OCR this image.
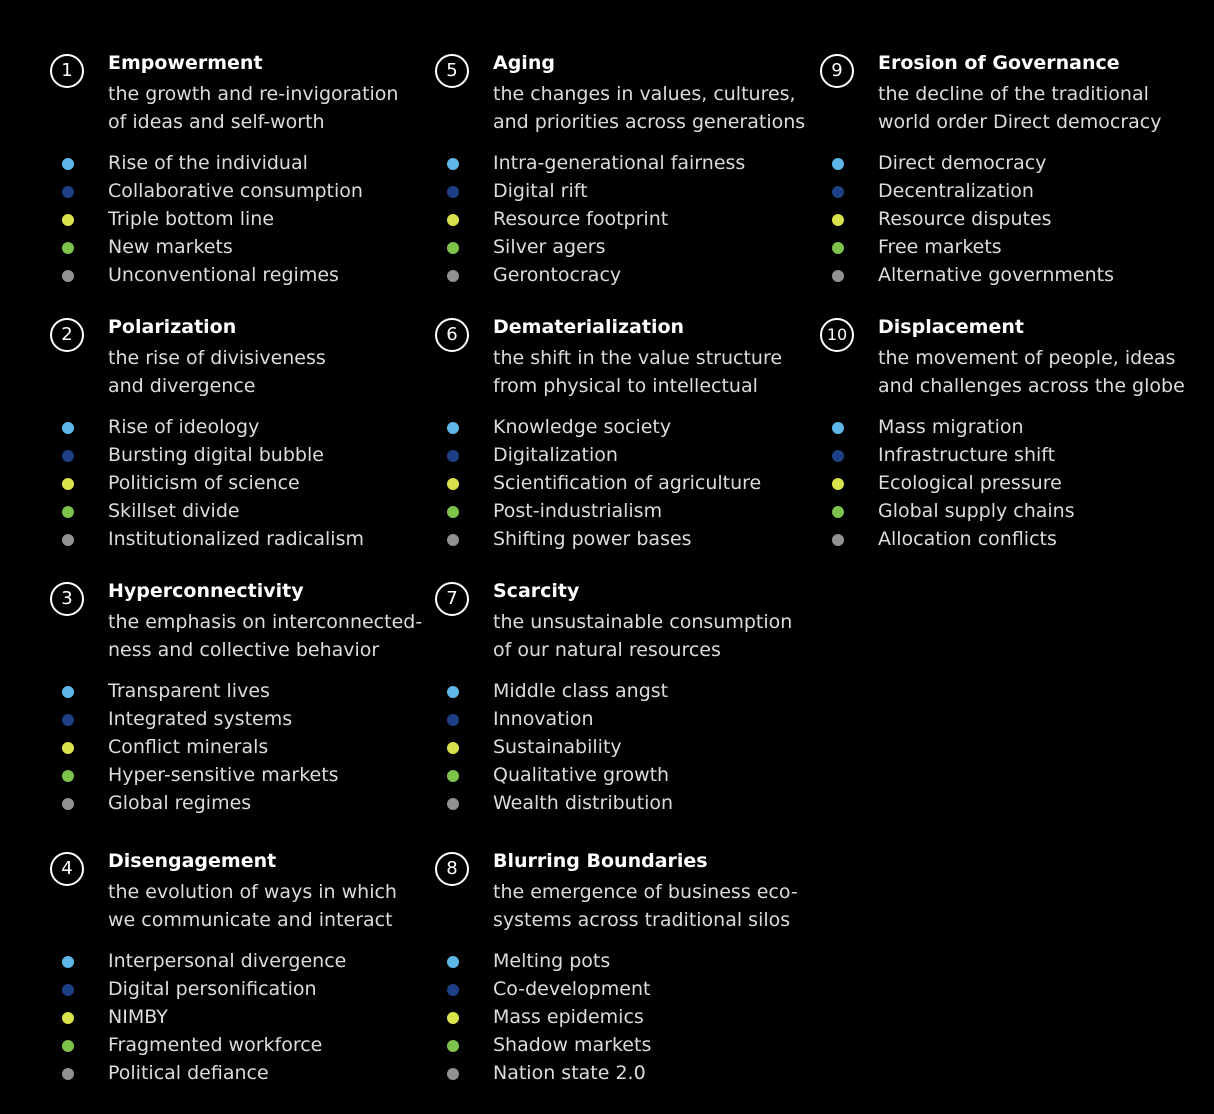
1	Empowerment
the growth and re-invigoration
of ideas and self-worth
Rise of the individual
Collaborative consumption
Triple bottom line
New markets
Unconventional regimes
2	Polarization
the rise of divisiveness
and divergence
Rise of ideology
Bursting digital bubble
Politicism of science
Skillset divide
Institutionalized radicalism
3	Hyperconnectivity
the emphasis on interconnected-
ness and collective behavior
Transparent lives
Integrated systems
Conflict minerals
Hyper-sensitive markets
Global regimes
4	Disengagement
the evolution of ways in which
we communicate and interact
Interpersonal divergence
Digital personification
NIMBY
Fragmented workforce
Political defiance
5	Aging
the changes in values, cultures,
and priorities across generations
Intra-generational fairness
Digital rift
Resource footprint
Silver agers
Gerontocracy
6	Dematerialization
the shift in the value structure
from physical to intellectual
Knowledge society
Digitalization
Scientification of agriculture
Post-industrialism
Shifting power bases
7	Scarcity
the unsustainable consumption
of our natural resources
Middle class angst
Innovation
Sustainability
Qualitative growth
Wealth distribution
8	Blurring Boundaries
the emergence of business eco-
systems across traditional silos
Melting pots
Co-development
Mass epidemics
Shadow markets
Nation state 2.0
9	Erosion of Governance
the decline of the traditional
world order Direct democracy
Direct democracy
Decentralization
Resource disputes
Free markets
Alternative governments
10	Displacement
the movement of people, ideas
and challenges across the globe
Mass migration
Infrastructure shift
Ecological pressure
Global supply chains
Allocation conflicts
